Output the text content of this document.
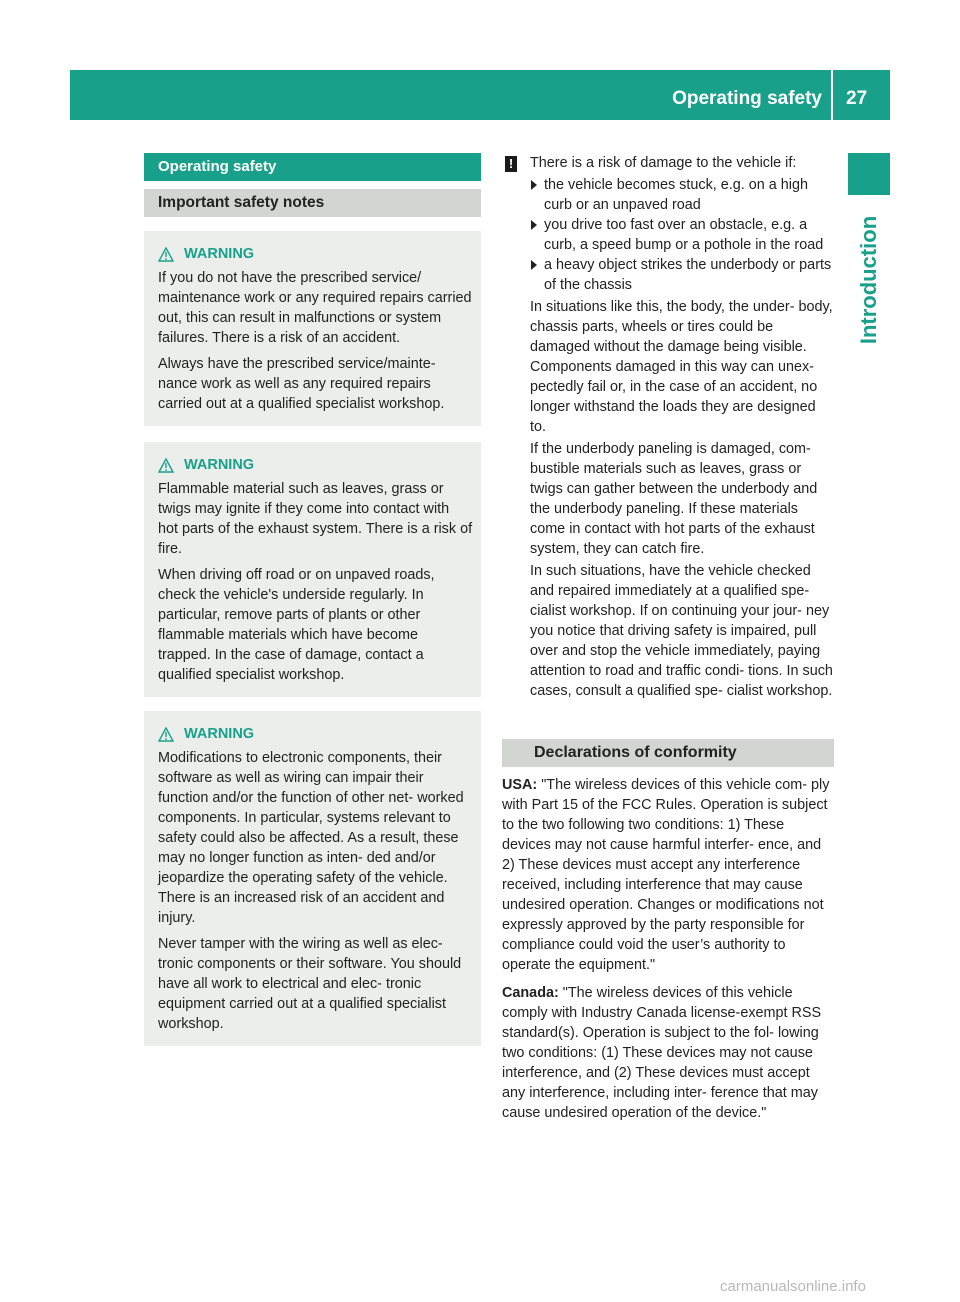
Operating safety 27
Introduction
Operating safety
Important safety notes
WARNING

If you do not have the prescribed service/ maintenance work or any required repairs carried out, this can result in malfunctions or system failures. There is a risk of an accident.

Always have the prescribed service/mainte- nance work as well as any required repairs carried out at a qualified specialist workshop.

WARNING

Flammable material such as leaves, grass or twigs may ignite if they come into contact with hot parts of the exhaust system. There is a risk of fire.

When driving off road or on unpaved roads, check the vehicle's underside regularly. In particular, remove parts of plants or other flammable materials which have become trapped. In the case of damage, contact a qualified specialist workshop.

WARNING

Modifications to electronic components, their software as well as wiring can impair their function and/or the function of other net- worked components. In particular, systems relevant to safety could also be affected. As a result, these may no longer function as inten- ded and/or jeopardize the operating safety of the vehicle. There is an increased risk of an accident and injury.

Never tamper with the wiring as well as elec- tronic components or their software. You should have all work to electrical and elec- tronic equipment carried out at a qualified specialist workshop.

! There is a risk of damage to the vehicle if:

the vehicle becomes stuck, e.g. on a high curb or an unpaved road
you drive too fast over an obstacle, e.g. a curb, a speed bump or a pothole in the road
a heavy object strikes the underbody or parts of the chassis

In situations like this, the body, the under- body, chassis parts, wheels or tires could be damaged without the damage being visible. Components damaged in this way can unex- pectedly fail or, in the case of an accident, no longer withstand the loads they are designed to.

If the underbody paneling is damaged, com- bustible materials such as leaves, grass or twigs can gather between the underbody and the underbody paneling. If these materials come in contact with hot parts of the exhaust system, they can catch fire.

In such situations, have the vehicle checked and repaired immediately at a qualified spe- cialist workshop. If on continuing your jour- ney you notice that driving safety is impaired, pull over and stop the vehicle immediately, paying attention to road and traffic condi- tions. In such cases, consult a qualified spe- cialist workshop.

Declarations of conformity

USA: "The wireless devices of this vehicle com- ply with Part 15 of the FCC Rules. Operation is subject to the two following two conditions: 1) These devices may not cause harmful interfer- ence, and 2) These devices must accept any interference received, including interference that may cause undesired operation. Changes or modifications not expressly approved by the party responsible for compliance could void the user’s authority to operate the equipment."

Canada: "The wireless devices of this vehicle comply with Industry Canada license-exempt RSS standard(s). Operation is subject to the fol- lowing two conditions: (1) These devices may not cause interference, and (2) These devices must accept any interference, including inter- ference that may cause undesired operation of the device."

carmanualsonline.info
